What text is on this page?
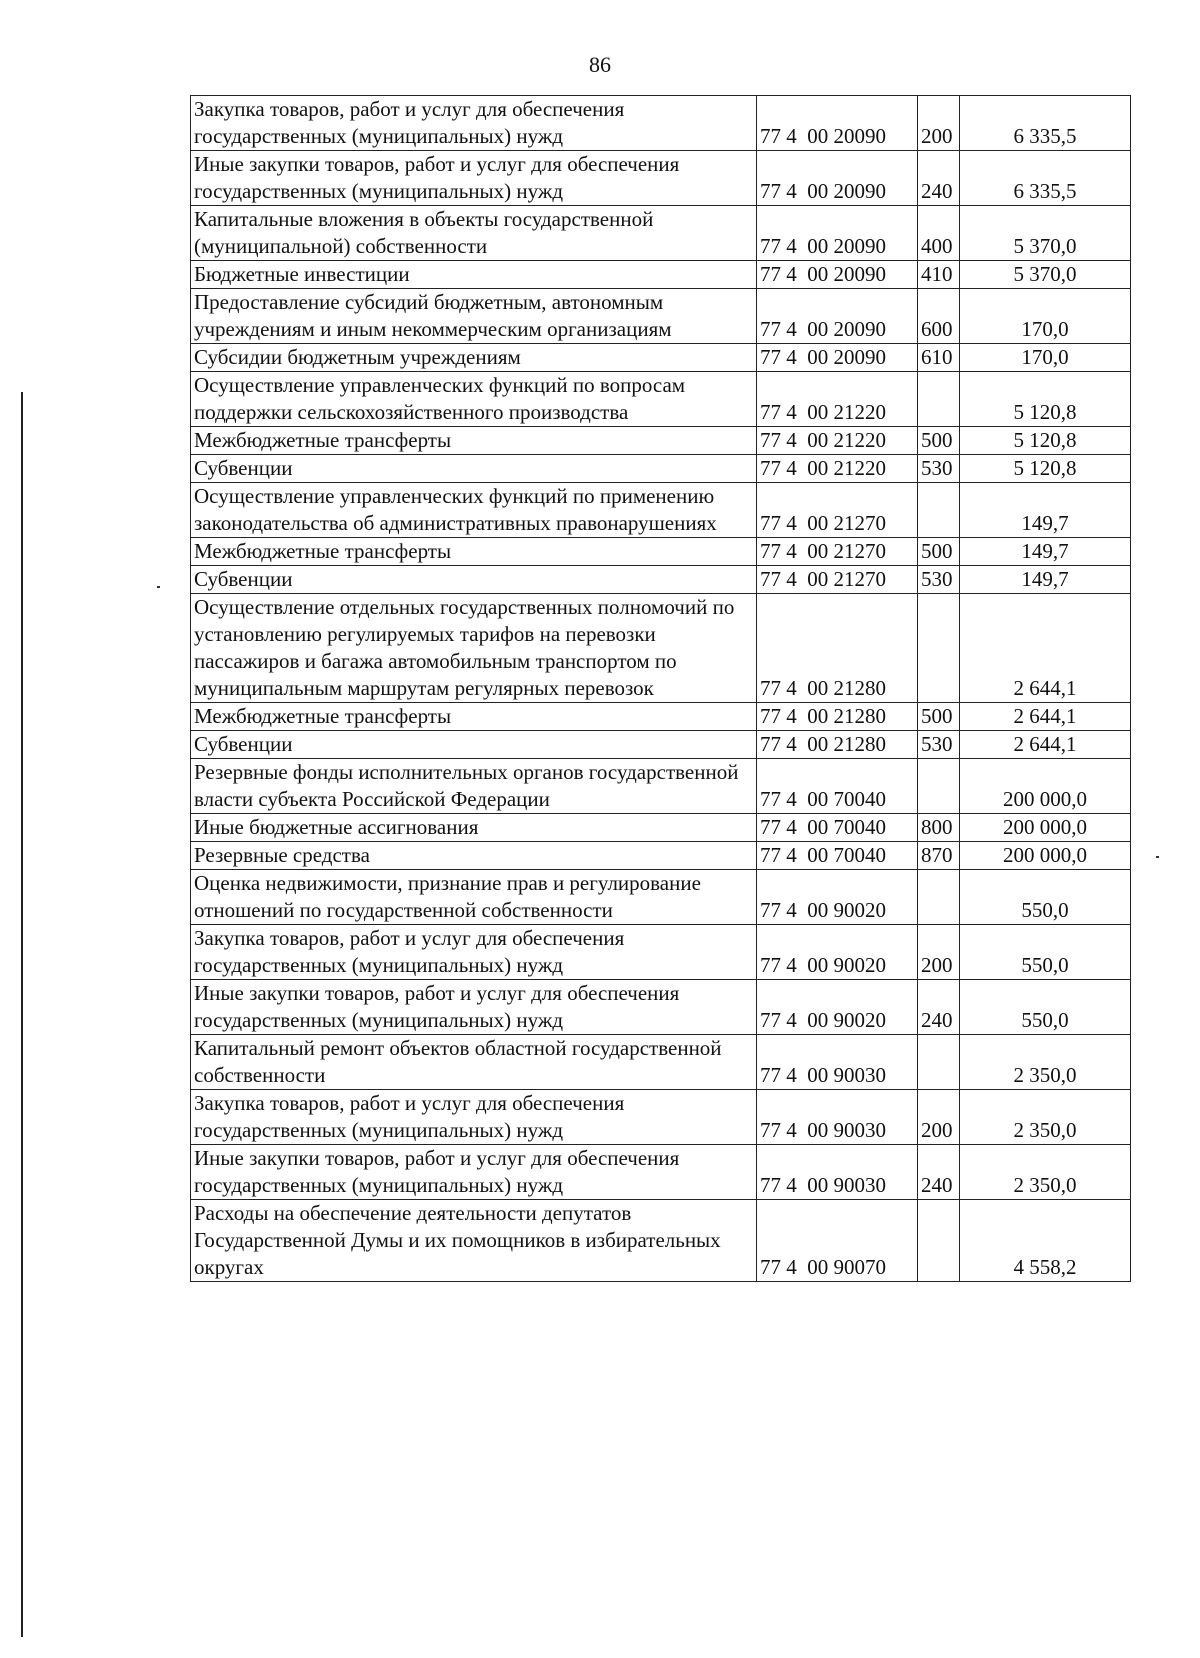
86
Закупка товаров, работ и услуг для обеспечения государственных (муниципальных) нужд	77 4  00 20090	200	6 335,5
Иные закупки товаров, работ и услуг для обеспечения государственных (муниципальных) нужд	77 4  00 20090	240	6 335,5
Капитальные вложения в объекты государственной (муниципальной) собственности	77 4  00 20090	400	5 370,0
Бюджетные инвестиции	77 4  00 20090	410	5 370,0
Предоставление субсидий бюджетным, автономным учреждениям и иным некоммерческим организациям	77 4  00 20090	600	170,0
Субсидии бюджетным учреждениям	77 4  00 20090	610	170,0
Осуществление управленческих функций по вопросам поддержки сельскохозяйственного производства	77 4  00 21220		5 120,8
Межбюджетные трансферты	77 4  00 21220	500	5 120,8
Субвенции	77 4  00 21220	530	5 120,8
Осуществление управленческих функций по применению законодательства об административных правонарушениях	77 4  00 21270		149,7
Межбюджетные трансферты	77 4  00 21270	500	149,7
Субвенции	77 4  00 21270	530	149,7
Осуществление отдельных государственных полномочий по установлению регулируемых тарифов на перевозки пассажиров и багажа автомобильным транспортом по муниципальным маршрутам регулярных перевозок	77 4  00 21280		2 644,1
Межбюджетные трансферты	77 4  00 21280	500	2 644,1
Субвенции	77 4  00 21280	530	2 644,1
Резервные фонды исполнительных органов государственной власти субъекта Российской Федерации	77 4  00 70040		200 000,0
Иные бюджетные ассигнования	77 4  00 70040	800	200 000,0
Резервные средства	77 4  00 70040	870	200 000,0
Оценка недвижимости, признание прав и регулирование отношений по государственной собственности	77 4  00 90020		550,0
Закупка товаров, работ и услуг для обеспечения государственных (муниципальных) нужд	77 4  00 90020	200	550,0
Иные закупки товаров, работ и услуг для обеспечения государственных (муниципальных) нужд	77 4  00 90020	240	550,0
Капитальный ремонт объектов областной государственной собственности	77 4  00 90030		2 350,0
Закупка товаров, работ и услуг для обеспечения государственных (муниципальных) нужд	77 4  00 90030	200	2 350,0
Иные закупки товаров, работ и услуг для обеспечения государственных (муниципальных) нужд	77 4  00 90030	240	2 350,0
Расходы на обеспечение деятельности депутатов Государственной Думы и их помощников в избирательных округах	77 4  00 90070		4 558,2
